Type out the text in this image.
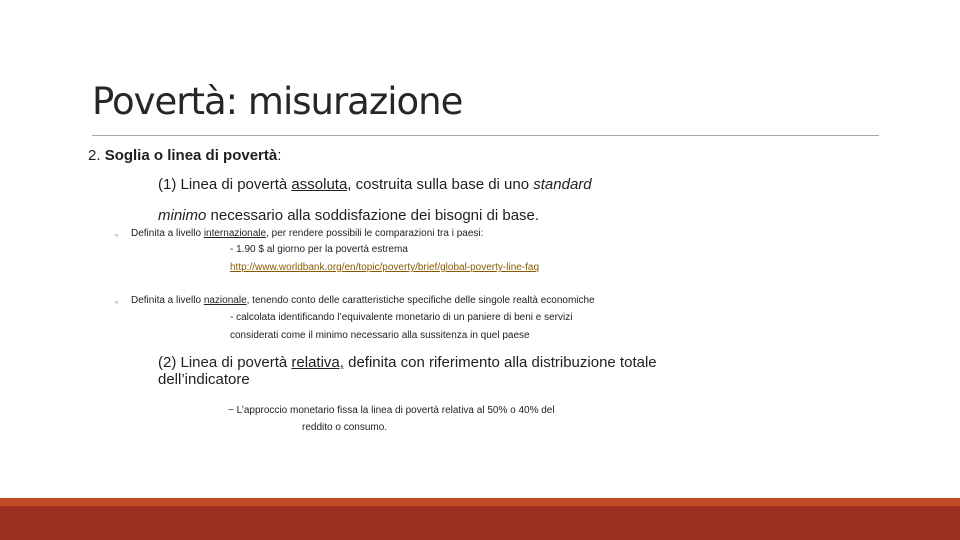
Povertà: misurazione
2. Soglia o linea di povertà:
(1) Linea di povertà assoluta, costruita sulla base di uno standard
minimo necessario alla soddisfazione dei bisogni di base.
◦ Definita a livello internazionale, per rendere possibili le comparazioni tra i paesi:
- 1.90 $ al giorno per la povertà estrema
http://www.worldbank.org/en/topic/poverty/brief/global-poverty-line-faq
◦ Definita a livello nazionale, tenendo conto delle caratteristiche specifiche delle singole realtà economiche
- calcolata identificando l’equivalente monetario di un paniere di beni e servizi
considerati come il minimo necessario alla sussitenza in quel paese
(2) Linea di povertà relativa, definita con riferimento alla distribuzione totale
dell’indicatore
− L’approccio monetario fissa la linea di povertà relativa al 50% o 40% del
reddito o consumo.
